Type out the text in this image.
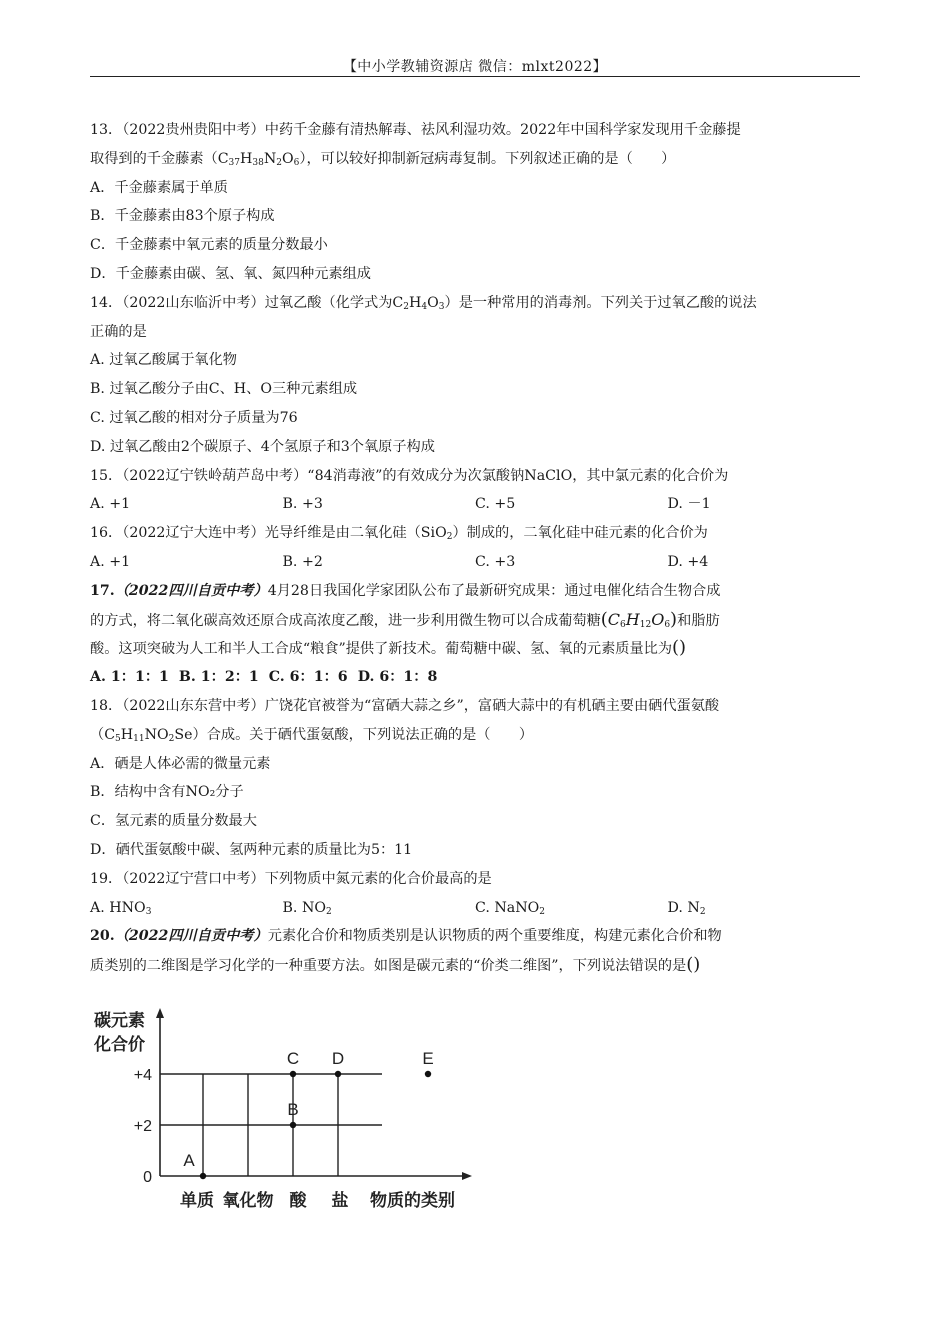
【中小学教辅资源店 微信：mlxt2022】
13．（2022贵州贵阳中考）中药千金藤有清热解毒、祛风利湿功效。2022年中国科学家发现用千金藤提
取得到的千金藤素$(C_{37}H_{38}N_2O_6)$，可以较好抑制新冠病毒复制。下列叙述正确的是（　　）
A．千金藤素属于单质
B．千金藤素由83个原子构成
C．千金藤素中氧元素的质量分数最小
D．千金藤素由碳、氢、氧、氮四种元素组成
14．（2022山东临沂中考）过氧乙酸（化学式为$C_2H_4O_3$）是一种常用的消毒剂。下列关于过氧乙酸的说法
正确的是
A. 过氧乙酸属于氧化物
B. 过氧乙酸分子由C、H、O三种元素组成
C. 过氧乙酸的相对分子质量为76
D. 过氧乙酸由2个碳原子、4个氢原子和3个氧原子构成
15．（2022辽宁铁岭葫芦岛中考）“84消毒液”的有效成分为次氯酸钠NaClO，其中氯元素的化合价为
A. +1	B. +3	C. +5	D. －1
16．（2022辽宁大连中考）光导纤维是由二氧化硅（SiO$_2$）制成的，二氧化硅中硅元素的化合价为
A. +1	B. +2	C. +3	D. +4
17.（2022四川自贡中考）4月28日我国化学家团队公布了最新研究成果：通过电催化结合生物合成
的方式，将二氧化碳高效还原合成高浓度乙酸，进一步利用微生物可以合成葡萄糖$(C_6H_{12}O_6)$和脂肪
酸。这项突破为人工和半人工合成“粮食”提供了新技术。葡萄糖中碳、氢、氧的元素质量比为()
A. 1：1：1 B. 1：2：1 C. 6：1：6 D. 6：1：8
18．（2022山东东营中考）广饶花官被誉为“富硒大蒜之乡”，富硒大蒜中的有机硒主要由硒代蛋氨酸
$(C_5H_{11}NO_2Se)$合成。关于硒代蛋氨酸，下列说法正确的是（　　）
A．硒是人体必需的微量元素
B．结构中含有NO₂分子
C．氢元素的质量分数最大
D．硒代蛋氨酸中碳、氢两种元素的质量比为5：11
19．（2022辽宁营口中考）下列物质中氮元素的化合价最高的是
A. $HNO_3$	B. $NO_2$	C. NaNO$_2$	D. $N_2$
20.（2022四川自贡中考）元素化合价和物质类别是认识物质的两个重要维度，构建元素化合价和物
质类别的二维图是学习化学的一种重要方法。如图是碳元素的“价类二维图”，下列说法错误的是()
碳元素
化合价
0
+2
+4
单质 氧化物 酸 盐 物质的类别
A
B
C D	E
